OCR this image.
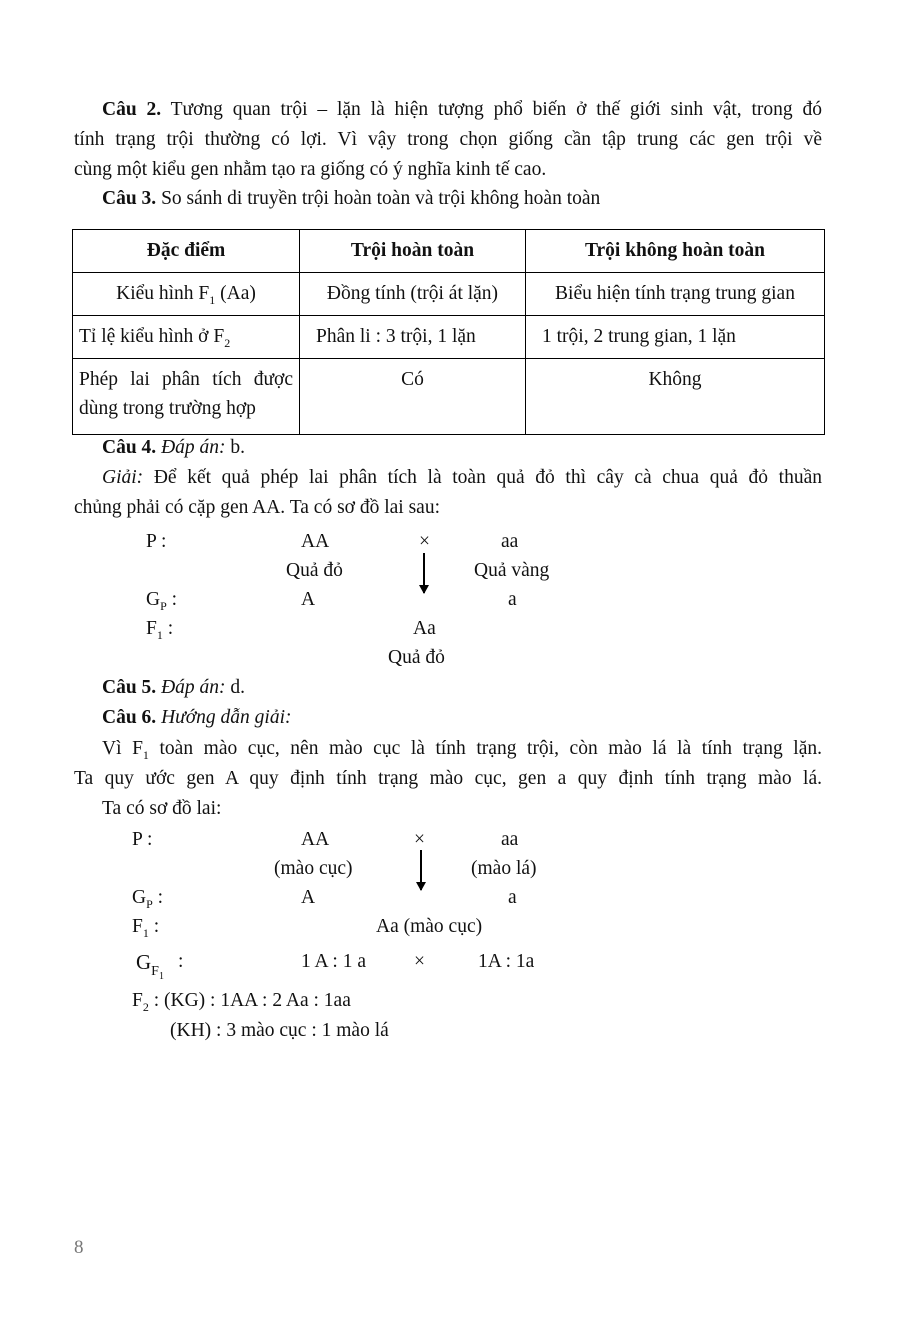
Câu 2. Tương quan trội – lặn là hiện tượng phổ biến ở thế giới sinh vật, trong đó
tính trạng trội thường có lợi. Vì vậy trong chọn giống cần tập trung các gen trội về
cùng một kiểu gen nhằm tạo ra giống có ý nghĩa kinh tế cao.
Câu 3. So sánh di truyền trội hoàn toàn và trội không hoàn toàn
Đặc điểm	Trội hoàn toàn	Trội không hoàn toàn
Kiểu hình $F_1$ (Aa)	Đồng tính (trội át lặn)	Biểu hiện tính trạng trung gian
Tỉ lệ kiểu hình ở $F_2$	Phân li : 3 trội, 1 lặn	1 trội, 2 trung gian, 1 lặn

Phép lai phân tích được
dùng trong trường hợp	Có	Không
Câu 4. Đáp án: b.
Giải: Để kết quả phép lai phân tích là toàn quả đỏ thì cây cà chua quả đỏ thuần
chủng phải có cặp gen AA. Ta có sơ đồ lai sau:
P :	AA	×	aa
Quả đỏ	Quả vàng
$G_P$ :	A	a
$F_1$ :	Aa
Quả đỏ
Câu 5. Đáp án: d.
Câu 6. Hướng dẫn giải:
Vì $F_1$ toàn mào cục, nên mào cục là tính trạng trội, còn mào lá là tính trạng lặn.
Ta quy ước gen A quy định tính trạng mào cục, gen a quy định tính trạng mào lá.
Ta có sơ đồ lai:
P :	AA	×	aa
(mào cục)	(mào lá)
$G_P$ :	A	a
$F_1$ :	Aa (mào cục)
$G_{F_1}$
:	1 A : 1 a ×	1A : 1a
$F_2$ : (KG) : 1AA : 2 Aa : 1aa
(KH) : 3 mào cục : 1 mào lá
8
